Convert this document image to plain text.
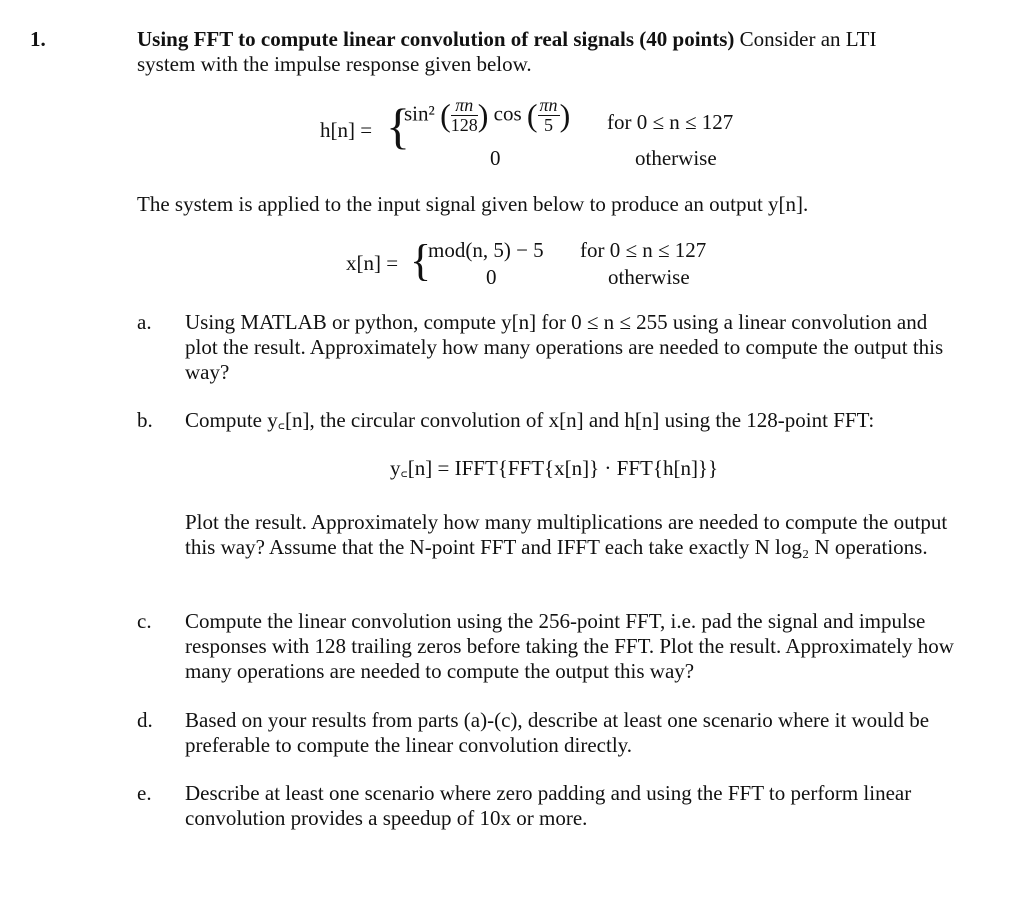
1.	Using FFT to compute linear convolution of real signals (40 points) Consider an LTI system with the impulse response given below.
h[n] = {
sin² ( $\frac{\pi n}{128}$ ) cos ( $\frac{\pi n}{5}$ ) for 0 ≤ n ≤ 127
0	otherwise
The system is applied to the input signal given below to produce an output y[n].
x[n] = {
mod(n, 5) − 5 for 0 ≤ n ≤ 127
0	otherwise
a. Using MATLAB or python, compute y[n] for 0 ≤ n ≤ 255 using a linear convolution and plot the result. Approximately how many operations are needed to compute the output this way?
b. Compute y꜀[n], the circular convolution of x[n] and h[n] using the 128-point FFT:
y꜀[n] = IFFT{FFT{x[n]} · FFT{h[n]}}
Plot the result. Approximately how many multiplications are needed to compute the output this way? Assume that the N-point FFT and IFFT each take exactly N log₂ N operations.
c. Compute the linear convolution using the 256-point FFT, i.e. pad the signal and impulse responses with 128 trailing zeros before taking the FFT. Plot the result. Approximately how many operations are needed to compute the output this way?
d. Based on your results from parts (a)-(c), describe at least one scenario where it would be preferable to compute the linear convolution directly.
e. Describe at least one scenario where zero padding and using the FFT to perform linear convolution provides a speedup of 10x or more.
